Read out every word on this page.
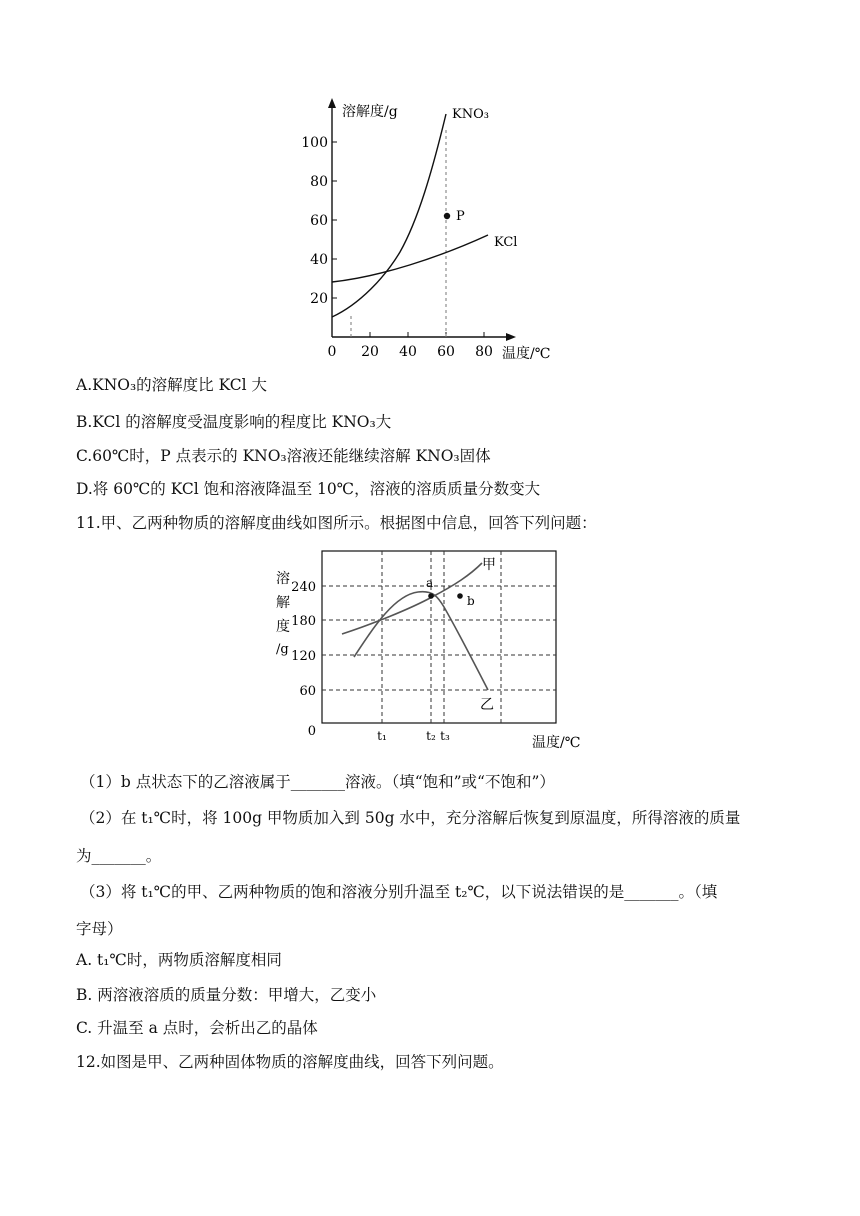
20
40
60
80
100
0 20 40 60 80
溶解度/g
温度/℃
KNO₃
KCl
P
A.KNO₃的溶解度比 KCl 大
B.KCl 的溶解度受温度影响的程度比 KNO₃大
C.60℃时，P 点表示的 KNO₃溶液还能继续溶解 KNO₃固体
D.将 60℃的 KCl 饱和溶液降温至 10℃，溶液的溶质质量分数变大
11.甲、乙两种物质的溶解度曲线如图所示。根据图中信息，回答下列问题：
0
60
120
180
240
溶
解
度
/g
t₁	t₂ t₃	温度/℃
甲
乙
a
b
（1）b 点状态下的乙溶液属于_______溶液。（填“饱和”或“不饱和”）
（2）在 t₁℃时，将 100g 甲物质加入到 50g 水中，充分溶解后恢复到原温度，所得溶液的质量
为_______。
（3）将 t₁℃的甲、乙两种物质的饱和溶液分别升温至 t₂℃，以下说法错误的是_______。（填
字母）
A. t₁℃时，两物质溶解度相同
B. 两溶液溶质的质量分数：甲增大，乙变小
C. 升温至 a 点时，会析出乙的晶体
12.如图是甲、乙两种固体物质的溶解度曲线，回答下列问题。
